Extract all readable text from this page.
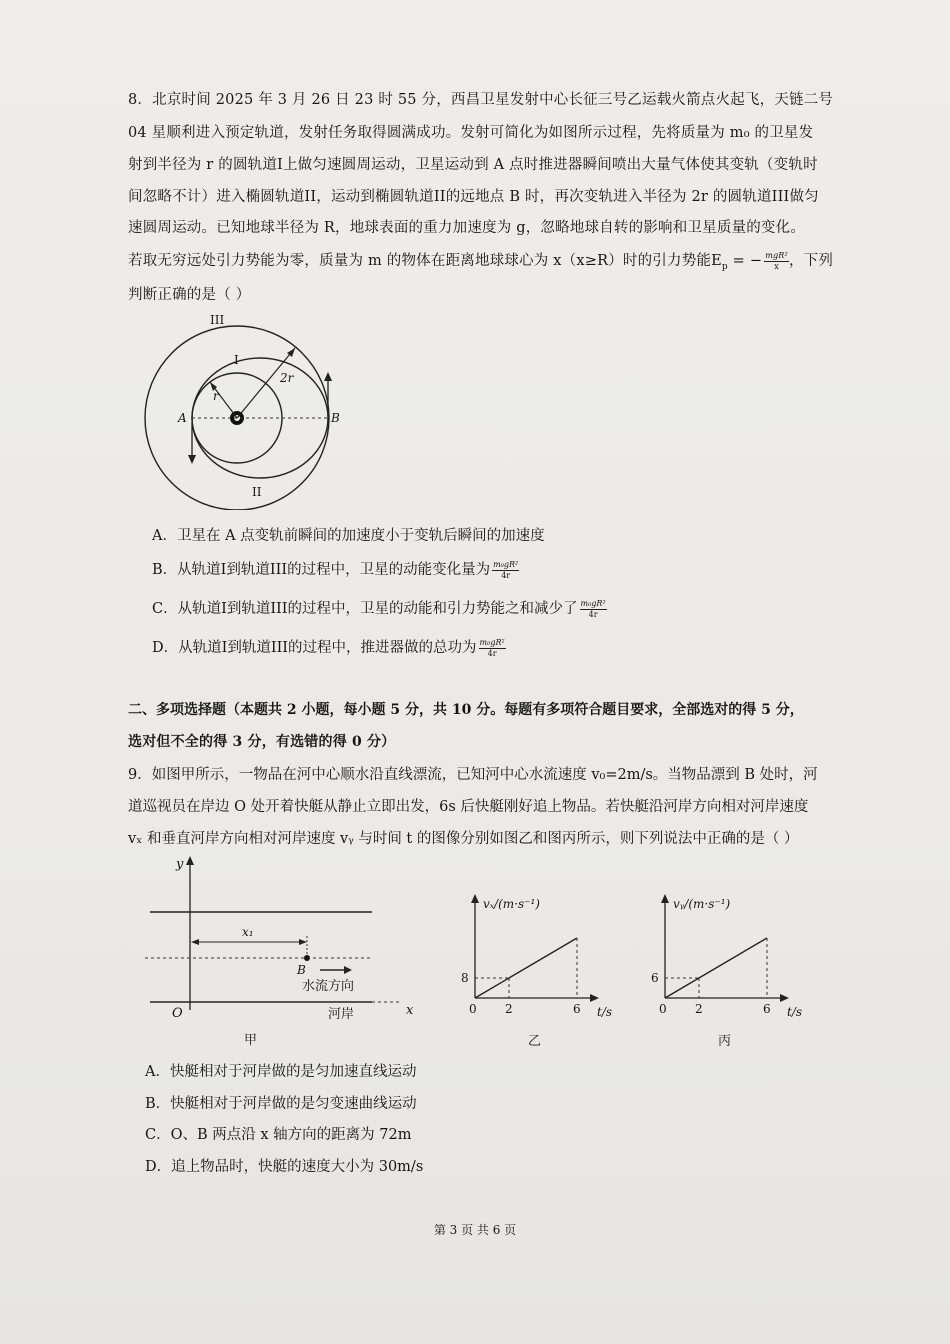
8．北京时间 2025 年 3 月 26 日 23 时 55 分，西昌卫星发射中心长征三号乙运载火箭点火起飞，天链二号
04 星顺利进入预定轨道，发射任务取得圆满成功。发射可简化为如图所示过程，先将质量为 m₀ 的卫星发
射到半径为 r 的圆轨道I上做匀速圆周运动，卫星运动到 A 点时推进器瞬间喷出大量气体使其变轨（变轨时
间忽略不计）进入椭圆轨道II，运动到椭圆轨道II的远地点 B 时，再次变轨进入半径为 2r 的圆轨道III做匀
速圆周运动。已知地球半径为 R，地球表面的重力加速度为 g，忽略地球自转的影响和卫星质量的变化。
若取无穷远处引力势能为零，质量为 m 的物体在距离地球球心为 x（x≥R）时的引力势能$E_p$ = − $\frac{\text{mgR²}}{x}$ ，下列
判断正确的是（ ）
III
I
II
r
2r
A	B
A．卫星在 A 点变轨前瞬间的加速度小于变轨后瞬间的加速度
B．从轨道I到轨道III的过程中，卫星的动能变化量为 $\frac{\text{m₀gR²}}{4r}$
C．从轨道I到轨道III的过程中，卫星的动能和引力势能之和减少了 $\frac{\text{m₀gR²}}{4r}$
D．从轨道I到轨道III的过程中，推进器做的总功为 $\frac{\text{m₀gR²}}{4r}$
二、多项选择题（本题共 2 小题，每小题 5 分，共 10 分。每题有多项符合题目要求，全部选对的得 5 分，
选对但不全的得 3 分，有选错的得 0 分）
9．如图甲所示，一物品在河中心顺水沿直线漂流，已知河中心水流速度 v₀=2m/s。当物品漂到 B 处时，河
道巡视员在岸边 O 处开着快艇从静止立即出发，6s 后快艇刚好追上物品。若快艇沿河岸方向相对河岸速度
vₓ 和垂直河岸方向相对河岸速度 vᵧ 与时间 t 的图像分别如图乙和图丙所示，则下列说法中正确的是（ ）
y
x
O
x₁
B
水流方向
河岸
甲
vₓ/(m·s⁻¹)
t/s
0 2	6
8
乙
vᵧ/(m·s⁻¹)
t/s
0 2	6
6
丙
A．快艇相对于河岸做的是匀加速直线运动
B．快艇相对于河岸做的是匀变速曲线运动
C．O、B 两点沿 x 轴方向的距离为 72m
D．追上物品时，快艇的速度大小为 30m/s
第 3 页 共 6 页
